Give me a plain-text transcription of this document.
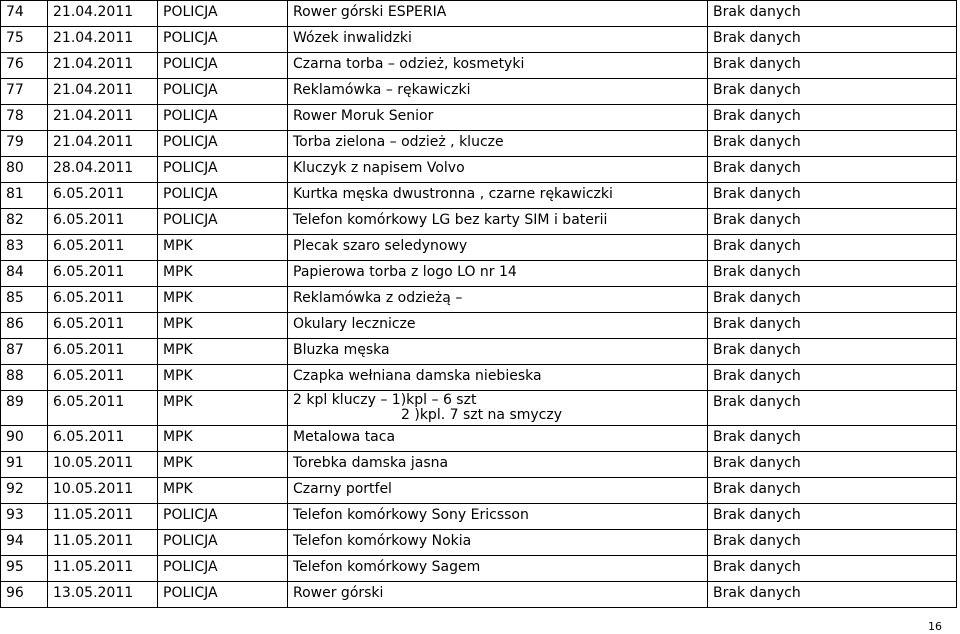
74	21.04.2011	POLICJA	Rower górski ESPERIA	Brak danych
75	21.04.2011	POLICJA	Wózek inwalidzki	Brak danych
76	21.04.2011	POLICJA	Czarna torba – odzież, kosmetyki	Brak danych
77	21.04.2011	POLICJA	Reklamówka – rękawiczki	Brak danych
78	21.04.2011	POLICJA	Rower Moruk Senior	Brak danych
79	21.04.2011	POLICJA	Torba zielona – odzież , klucze	Brak danych
80	28.04.2011	POLICJA	Kluczyk z napisem Volvo	Brak danych
81	6.05.2011	POLICJA	Kurtka męska dwustronna , czarne rękawiczki	Brak danych
82	6.05.2011	POLICJA	Telefon komórkowy LG bez karty SIM i baterii	Brak danych
83	6.05.2011	MPK	Plecak szaro seledynowy	Brak danych
84	6.05.2011	MPK	Papierowa torba z logo LO nr 14	Brak danych
85	6.05.2011	MPK	Reklamówka z odzieżą –	Brak danych
86	6.05.2011	MPK	Okulary lecznicze	Brak danych
87	6.05.2011	MPK	Bluzka męska	Brak danych
88	6.05.2011	MPK	Czapka wełniana damska niebieska	Brak danych
89	6.05.2011	MPK	2 kpl kluczy – 1)kpl – 6 szt
2 )kpl. 7 szt na smyczy	Brak danych
90	6.05.2011	MPK	Metalowa taca	Brak danych
91	10.05.2011	MPK	Torebka damska jasna	Brak danych
92	10.05.2011	MPK	Czarny portfel	Brak danych
93	11.05.2011	POLICJA	Telefon komórkowy Sony Ericsson	Brak danych
94	11.05.2011	POLICJA	Telefon komórkowy Nokia	Brak danych
95	11.05.2011	POLICJA	Telefon komórkowy Sagem	Brak danych
96	13.05.2011	POLICJA	Rower górski	Brak danych
16
